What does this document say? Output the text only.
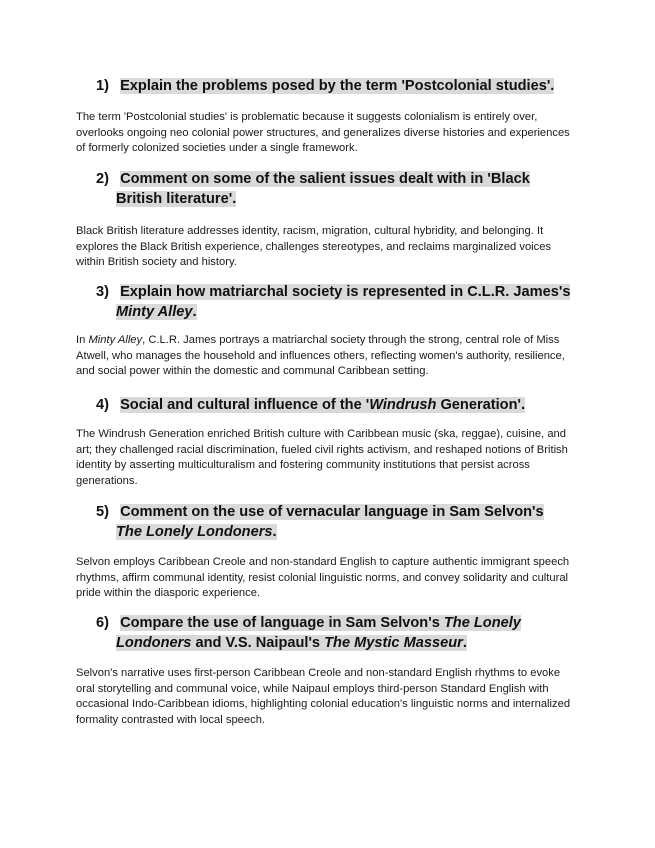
1) Explain the problems posed by the term 'Postcolonial studies'.
The term 'Postcolonial studies' is problematic because it suggests colonialism is entirely over, overlooks ongoing neo colonial power structures, and generalizes diverse histories and experiences of formerly colonized societies under a single framework.
2) Comment on some of the salient issues dealt with in 'Black
British literature'.
Black British literature addresses identity, racism, migration, cultural hybridity, and belonging. It explores the Black British experience, challenges stereotypes, and reclaims marginalized voices within British society and history.
3) Explain how matriarchal society is represented in C.L.R. James's
Minty Alley.
In Minty Alley, C.L.R. James portrays a matriarchal society through the strong, central role of Miss Atwell, who manages the household and influences others, reflecting women's authority, resilience, and social power within the domestic and communal Caribbean setting.
4) Social and cultural influence of the 'Windrush Generation'.
The Windrush Generation enriched British culture with Caribbean music (ska, reggae), cuisine, and art; they challenged racial discrimination, fueled civil rights activism, and reshaped notions of British identity by asserting multiculturalism and fostering community institutions that persist across generations.
5) Comment on the use of vernacular language in Sam Selvon's
The Lonely Londoners.
Selvon employs Caribbean Creole and non-standard English to capture authentic immigrant speech rhythms, affirm communal identity, resist colonial linguistic norms, and convey solidarity and cultural pride within the diasporic experience.
6) Compare the use of language in Sam Selvon's The Lonely
Londoners and V.S. Naipaul's The Mystic Masseur.
Selvon's narrative uses first-person Caribbean Creole and non-standard English rhythms to evoke oral storytelling and communal voice, while Naipaul employs third-person Standard English with occasional Indo-Caribbean idioms, highlighting colonial education's linguistic norms and internalized formality contrasted with local speech.
